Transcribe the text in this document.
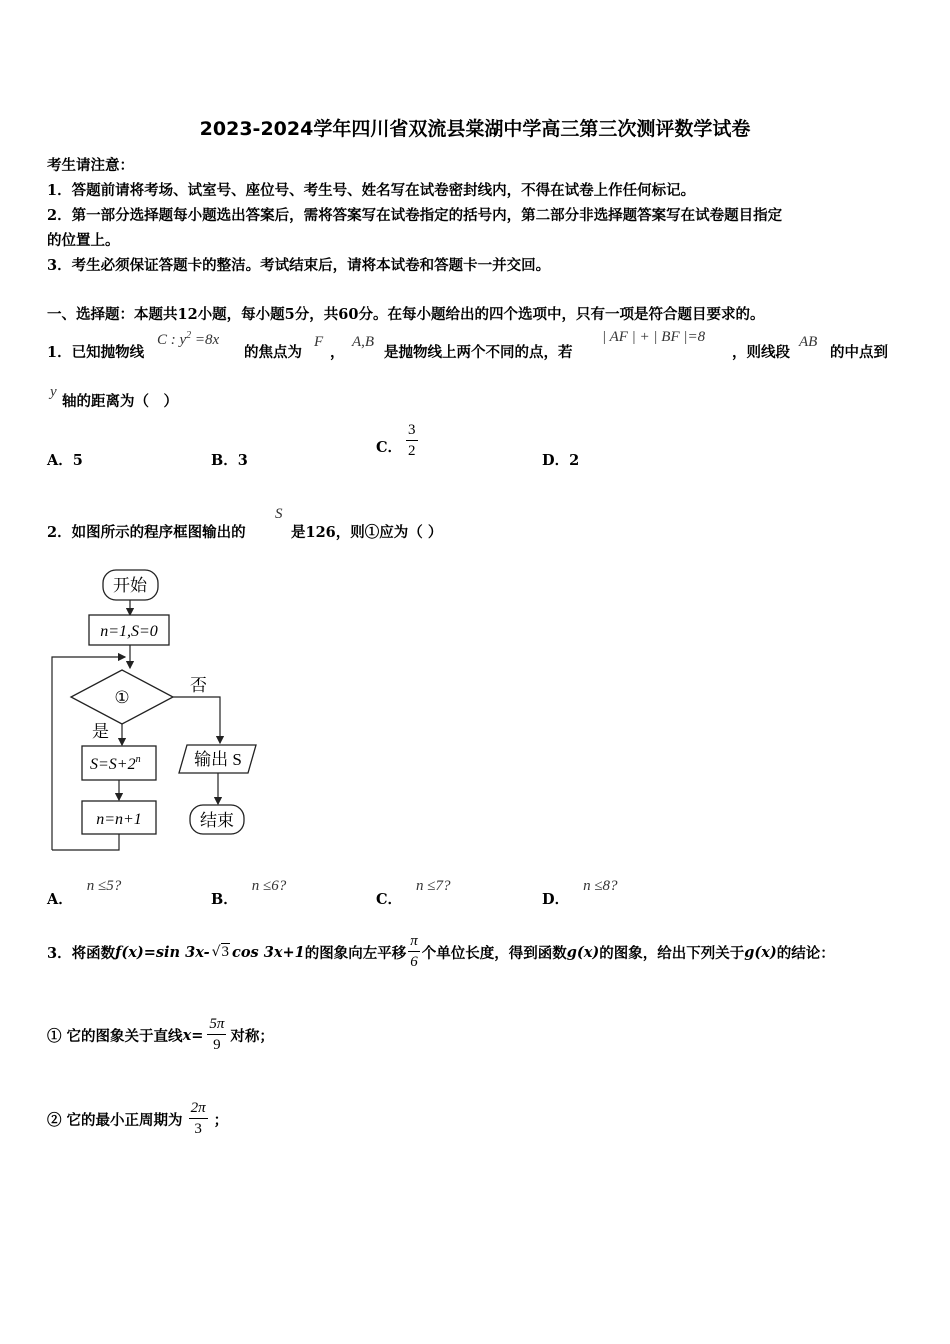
2023-2024学年四川省双流县棠湖中学高三第三次测评数学试卷
考生请注意：
1．答题前请将考场、试室号、座位号、考生号、姓名写在试卷密封线内，不得在试卷上作任何标记。
2．第一部分选择题每小题选出答案后，需将答案写在试卷指定的括号内，第二部分非选择题答案写在试卷题目指定
的位置上。
3．考生必须保证答题卡的整洁。考试结束后，请将本试卷和答题卡一并交回。
一、选择题：本题共12小题，每小题5分，共60分。在每小题给出的四个选项中，只有一项是符合题目要求的。
1．已知抛物线
C : $y^2 =8x$
的焦点为
F
，
A,B
是抛物线上两个不同的点，若
| AF | + | BF |=8
，则线段
AB
的中点到
y
轴的距离为（　）
A．5	B．3
C． $\frac{3}{2}$
D．2
2．如图所示的程序框图输出的
S
是126，则①应为（ ）
开始
n=1,S=0
①
否
是
$S=S+2^n$
n=n+1
输出 S
结束
A．n ≤5?
B．n ≤6?
C．n ≤7?
D．n ≤8?
3．将函数 f(x)=sin 3x- √ 3 cos 3x+1 的图象向左平移 $\frac{\pi}{6}$ 个单位长度，得到函数 g(x) 的图象，给出下列关于 g(x) 的结论：
① 它的图象关于直线 $x= \frac{5\pi}{9}$ 对称；
② 它的最小正周期为 $\frac{2\pi}{3}$ ；
